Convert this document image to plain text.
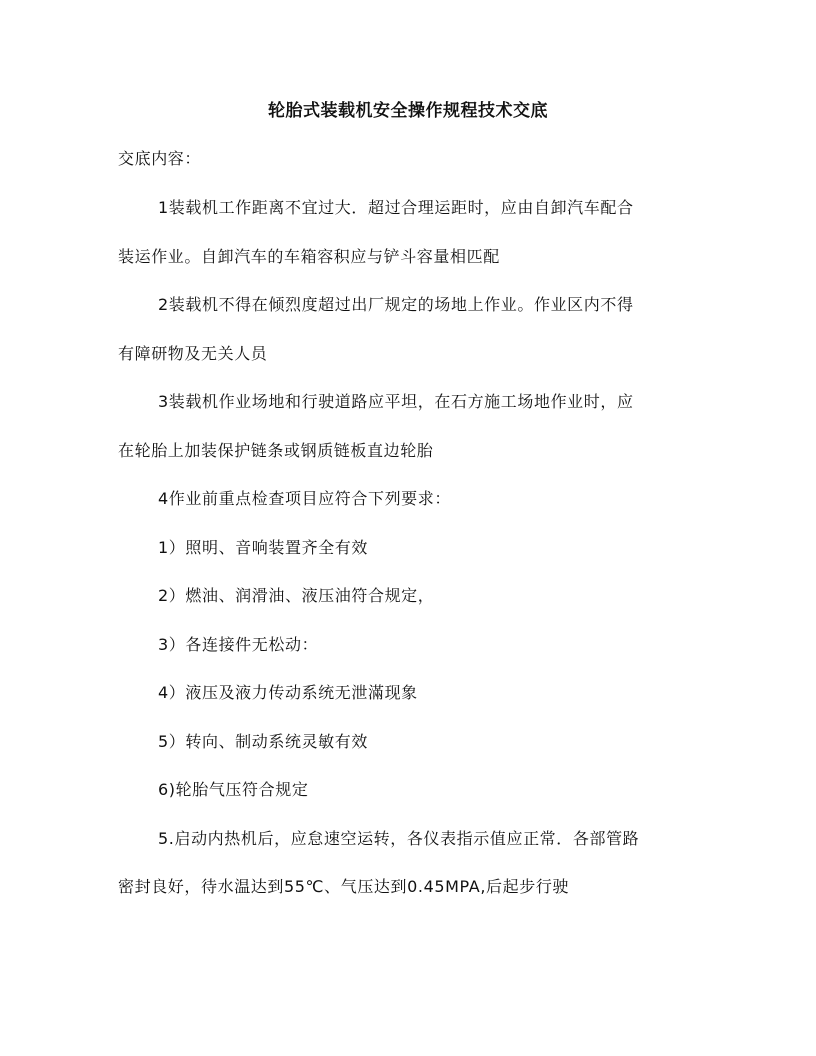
轮胎式装载机安全操作规程技术交底
交底内容：
1装载机工作距离不宜过大．超过合理运距时，应由自卸汽车配合
装运作业。自卸汽车的车箱容积应与铲斗容量相匹配
2装载机不得在倾烈度超过出厂规定的场地上作业。作业区内不得
有障研物及无关人员
3装载机作业场地和行驶道路应平坦，在石方施工场地作业时，应
在轮胎上加装保护链条或钢质链板直边轮胎
4作业前重点检查项目应符合下列要求：
1）照明、音响装置齐全有效
2）燃油、润滑油、液压油符合规定，
3）各连接件无松动：
4）液压及液力传动系统无泄滿现象
5）转向、制动系统灵敏有效
6)轮胎气压符合规定
5.启动内热机后，应怠速空运转，各仪表指示值应正常．各部管路
密封良好，待水温达到55℃、气压达到0.45MPA,后起步行驶
